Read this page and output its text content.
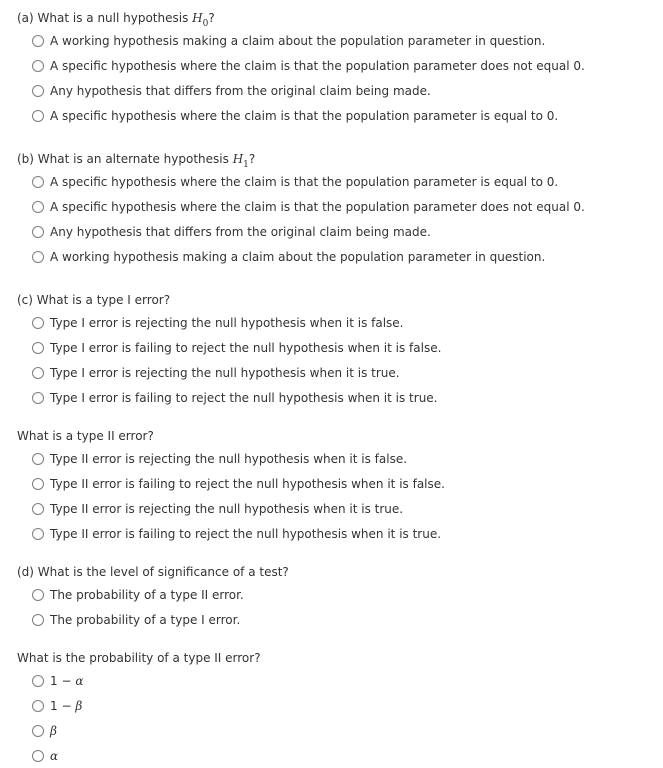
(a) What is a null hypothesis $H_0$?
A working hypothesis making a claim about the population parameter in question.
A specific hypothesis where the claim is that the population parameter does not equal 0.
Any hypothesis that differs from the original claim being made.
A specific hypothesis where the claim is that the population parameter is equal to 0.
(b) What is an alternate hypothesis $H_1$?
A specific hypothesis where the claim is that the population parameter is equal to 0.
A specific hypothesis where the claim is that the population parameter does not equal 0.
Any hypothesis that differs from the original claim being made.
A working hypothesis making a claim about the population parameter in question.
(c) What is a type I error?
Type I error is rejecting the null hypothesis when it is false.
Type I error is failing to reject the null hypothesis when it is false.
Type I error is rejecting the null hypothesis when it is true.
Type I error is failing to reject the null hypothesis when it is true.
What is a type II error?
Type II error is rejecting the null hypothesis when it is false.
Type II error is failing to reject the null hypothesis when it is false.
Type II error is rejecting the null hypothesis when it is true.
Type II error is failing to reject the null hypothesis when it is true.
(d) What is the level of significance of a test?
The probability of a type II error.
The probability of a type I error.
What is the probability of a type II error?
1 − α
1 − β
β
α
